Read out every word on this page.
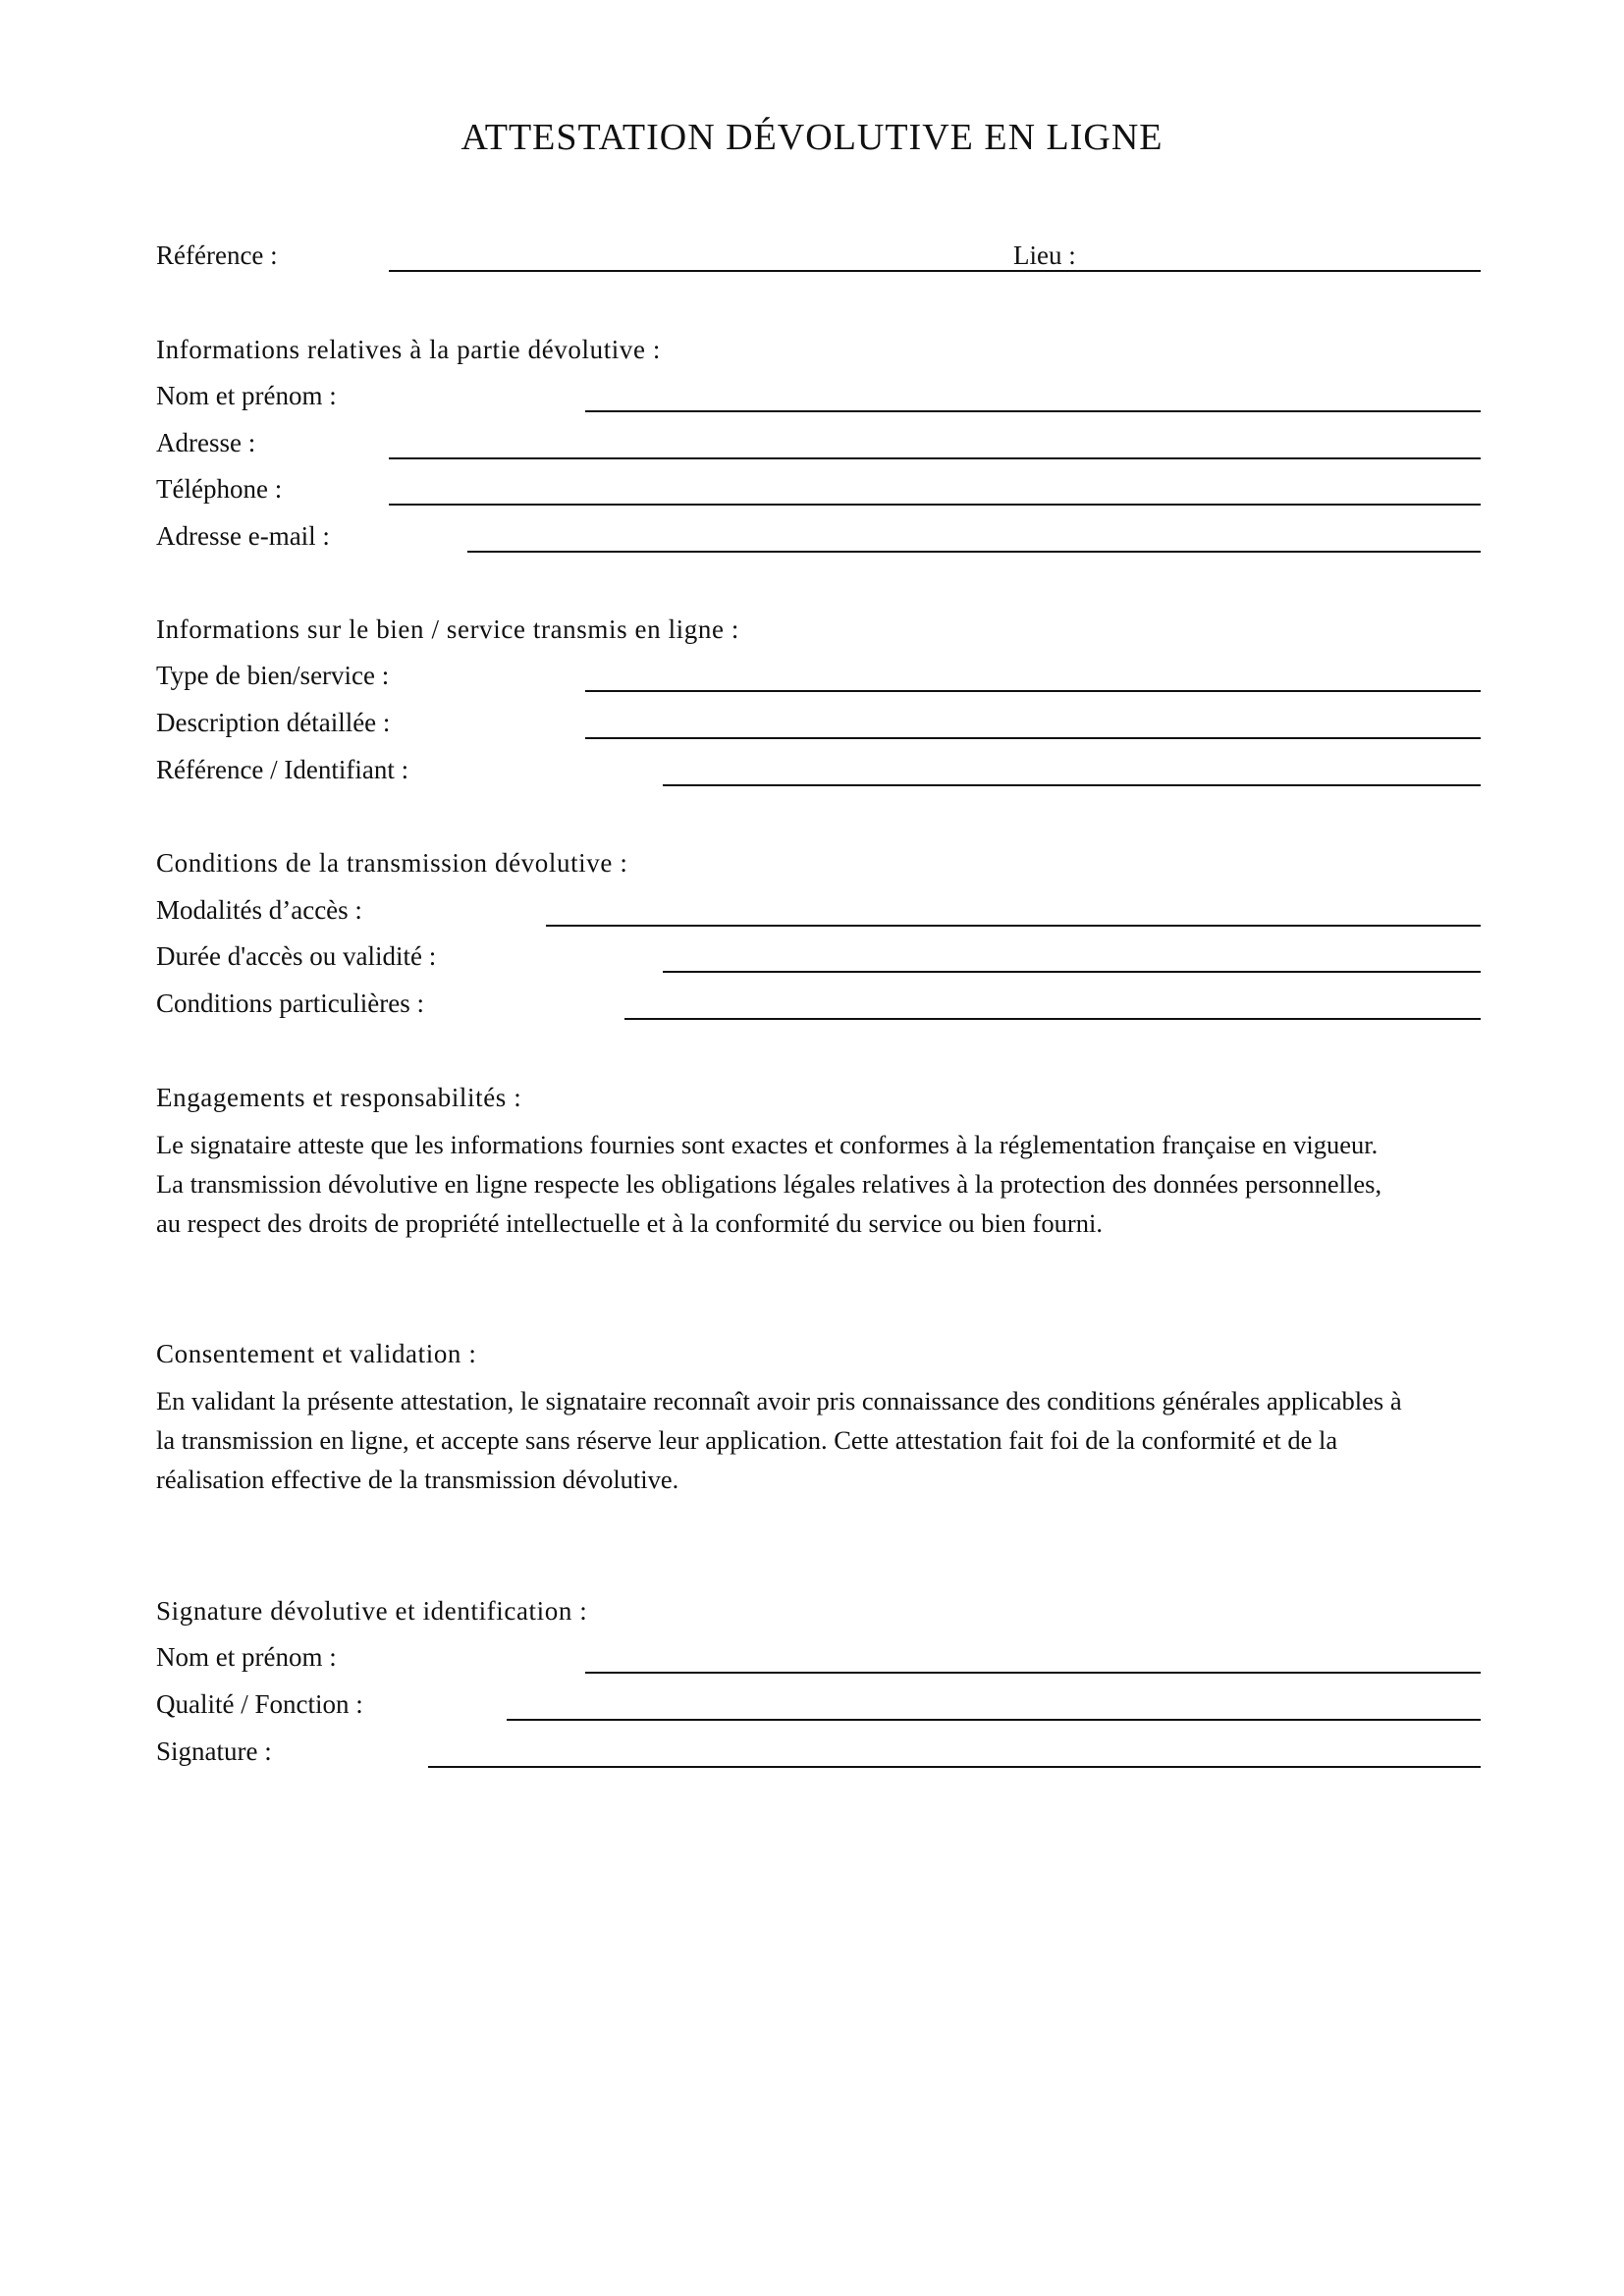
ATTESTATION DÉVOLUTIVE EN LIGNE
Référence :	Lieu :
Informations relatives à la partie dévolutive :
Nom et prénom :
Adresse :
Téléphone :
Adresse e-mail :
Informations sur le bien / service transmis en ligne :
Type de bien/service :
Description détaillée :
Référence / Identifiant :
Conditions de la transmission dévolutive :
Modalités d’accès :
Durée d'accès ou validité :
Conditions particulières :
Engagements et responsabilités :

Le signataire atteste que les informations fournies sont exactes et conformes à la réglementation française en vigueur.

La transmission dévolutive en ligne respecte les obligations légales relatives à la protection des données personnelles,

au respect des droits de propriété intellectuelle et à la conformité du service ou bien fourni.

Consentement et validation :

En validant la présente attestation, le signataire reconnaît avoir pris connaissance des conditions générales applicables à

la transmission en ligne, et accepte sans réserve leur application. Cette attestation fait foi de la conformité et de la

réalisation effective de la transmission dévolutive.

Signature dévolutive et identification :
Nom et prénom :
Qualité / Fonction :
Signature :
